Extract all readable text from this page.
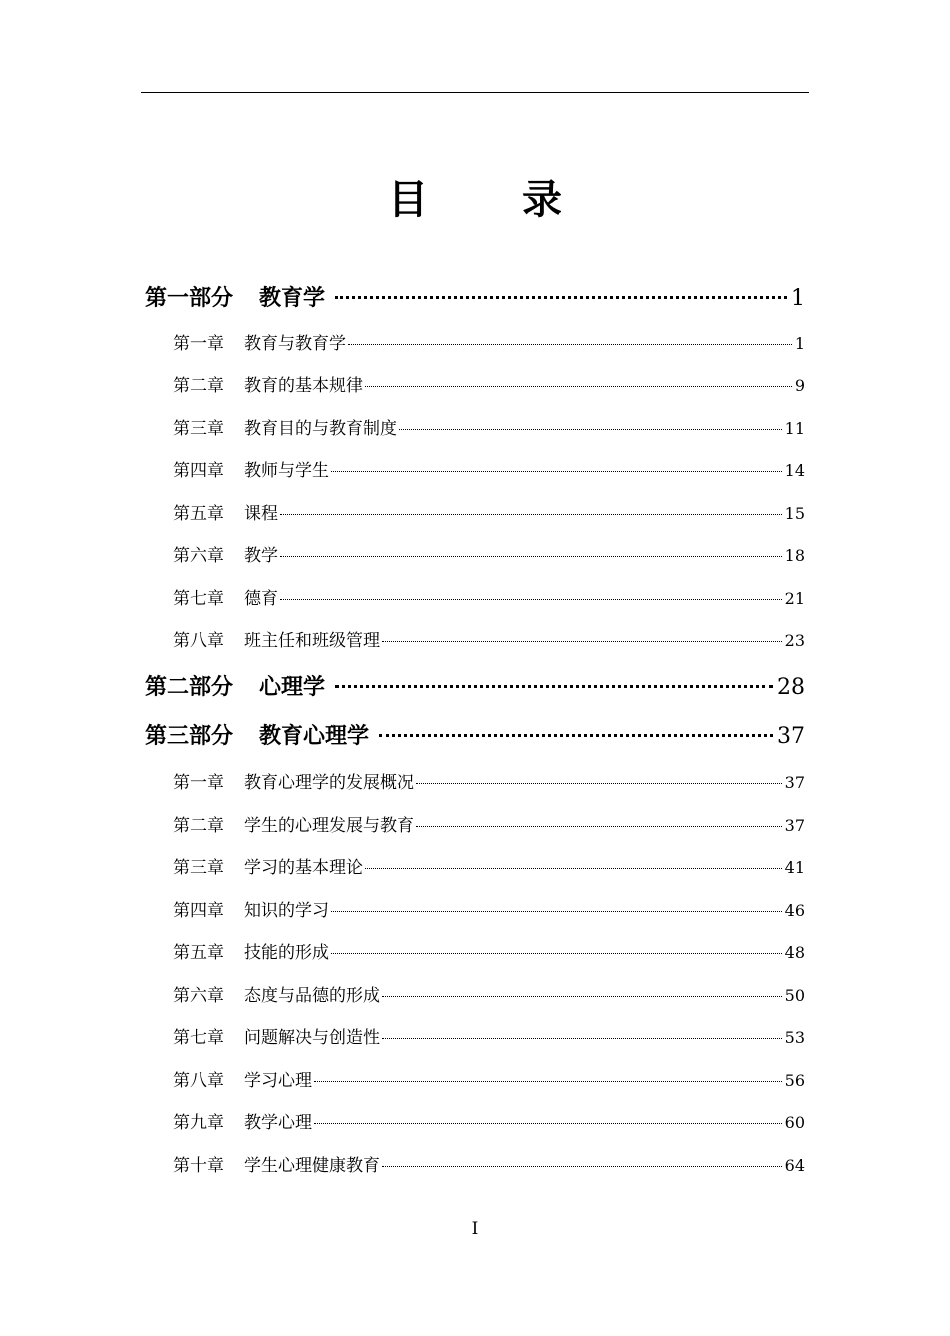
目 录
第一部分 教育学	1
第一章 教育与教育学	1
第二章 教育的基本规律	9
第三章 教育目的与教育制度	11
第四章 教师与学生	14
第五章 课程	15
第六章 教学	18
第七章 德育	21
第八章 班主任和班级管理	23
第二部分 心理学	28
第三部分 教育心理学	37
第一章 教育心理学的发展概况	37
第二章 学生的心理发展与教育	37
第三章 学习的基本理论	41
第四章 知识的学习	46
第五章 技能的形成	48
第六章 态度与品德的形成	50
第七章 问题解决与创造性	53
第八章 学习心理	56
第九章 教学心理	60
第十章 学生心理健康教育	64
I
